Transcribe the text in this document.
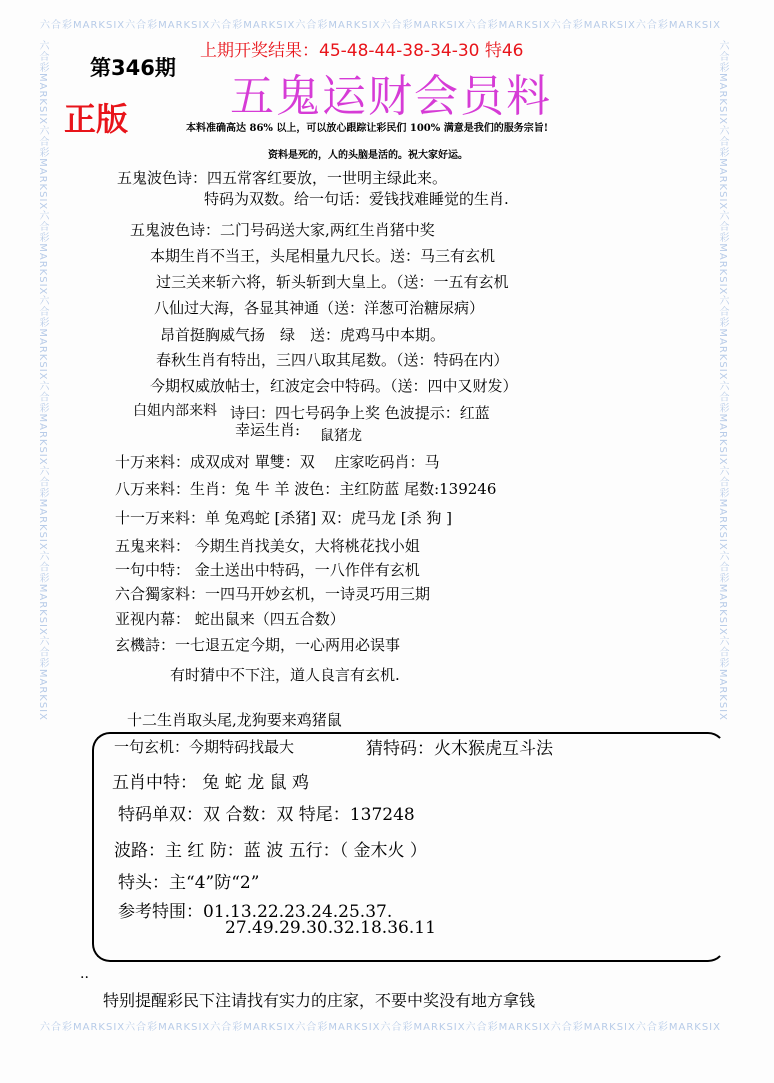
六合彩MARKSIX六合彩MARKSIX六合彩MARKSIX六合彩MARKSIX六合彩MARKSIX六合彩MARKSIX六合彩MARKSIX六合彩MARKSIX
六合彩MARKSIX六合彩MARKSIX六合彩MARKSIX六合彩MARKSIX六合彩MARKSIX六合彩MARKSIX六合彩MARKSIX六合彩MARKSIX
六合彩MARKSIX六合彩MARKSIX六合彩MARKSIX六合彩MARKSIX六合彩MARKSIX六合彩MARKSIX六合彩MARKSIX六合彩MARKSIX	六合彩MARKSIX六合彩MARKSIX六合彩MARKSIX六合彩MARKSIX六合彩MARKSIX六合彩MARKSIX六合彩MARKSIX六合彩MARKSIX
第346期
上期开奖结果：45-48-44-38-34-30 特46
五鬼运财会员料
正版	本料准确高达 86% 以上，可以放心跟踪让彩民们 100% 满意是我们的服务宗旨!
资料是死的，人的头脑是活的。祝大家好运。
五鬼波色诗：四五常客红要放，一世明主绿此来。
特码为双数。给一句话：爱钱找难睡觉的生肖.
五鬼波色诗：二门号码送大家,两红生肖猪中奖
本期生肖不当王，头尾相量九尺长。送：马三有玄机
过三关来斩六将，斩头斩到大皇上。（送：一五有玄机
八仙过大海，各显其神通（送：洋葱可治糖尿病）
昂首挺胸威气扬　绿　送：虎鸡马中本期。
春秋生肖有特出，三四八取其尾数。（送：特码在内）
今期权威放帖士，红波定会中特码。（送：四中又财发）
白姐内部来料 诗曰：四七号码争上奖 色波提示：红蓝
幸运生肖: 鼠猪龙
十万来料：成双成对 單雙：双　 庄家吃码肖：马
八万来料：生肖：兔 牛 羊 波色：主红防蓝 尾数:139246
十一万来料：单 兔鸡蛇 [杀猪] 双：虎马龙 [杀 狗 ]
五鬼来料： 今期生肖找美女，大将桃花找小姐
一句中特： 金土送出中特码，一八作伴有玄机
六合獨家料：一四马开妙玄机，一诗灵巧用三期
亚视内幕： 蛇出鼠来（四五合数）
玄機詩：一七退五定今期，一心两用必误事
有时猜中不下注，道人良言有玄机.
十二生肖取头尾,龙狗要来鸡猪鼠
一句玄机：今期特码找最大	猜特码：火木猴虎互斗法
五肖中特： 兔 蛇 龙 鼠 鸡
特码单双：双 合数：双 特尾：137248
波路：主 红 防：蓝 波 五行：（ 金木火 ）
特头：主“4”防“2”
参考特围：01.13.22.23.24.25.37.
27.49.29.30.32.18.36.11
..
特别提醒彩民下注请找有实力的庄家，不要中奖没有地方拿钱
